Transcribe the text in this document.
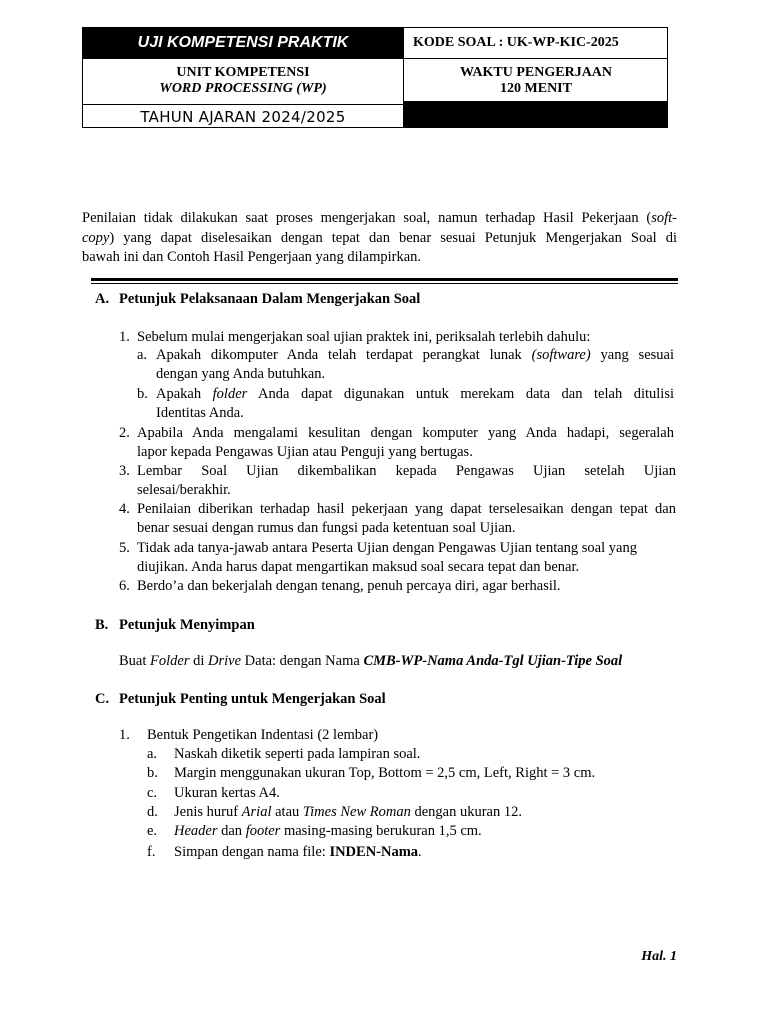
UJI KOMPETENSI PRAKTIK	KODE SOAL : UK-WP-KIC-2025
UNIT KOMPETENSI
WORD PROCESSING (WP)
WAKTU PENGERJAAN
120 MENIT
TAHUN AJARAN 2024/2025
Penilaian tidak dilakukan saat proses mengerjakan soal, namun terhadap Hasil Pekerjaan (soft-
copy) yang dapat diselesaikan dengan tepat dan benar sesuai Petunjuk Mengerjakan Soal di
bawah ini dan Contoh Hasil Pengerjaan yang dilampirkan.
A. Petunjuk Pelaksanaan Dalam Mengerjakan Soal
1. Sebelum mulai mengerjakan soal ujian praktek ini, periksalah terlebih dahulu:
a. Apakah dikomputer Anda telah terdapat perangkat lunak (software) yang sesuai
dengan yang Anda butuhkan.
b. Apakah folder Anda dapat digunakan untuk merekam data dan telah ditulisi
Identitas Anda.
2. Apabila Anda mengalami kesulitan dengan komputer yang Anda hadapi, segeralah
lapor kepada Pengawas Ujian atau Penguji yang bertugas.
3. Lembar Soal Ujian dikembalikan kepada Pengawas Ujian setelah Ujian
selesai/berakhir.
4. Penilaian diberikan terhadap hasil pekerjaan yang dapat terselesaikan dengan tepat dan
benar sesuai dengan rumus dan fungsi pada ketentuan soal Ujian.
5. Tidak ada tanya-jawab antara Peserta Ujian dengan Pengawas Ujian tentang soal yang
diujikan. Anda harus dapat mengartikan maksud soal secara tepat dan benar.
6. Berdo’a dan bekerjalah dengan tenang, penuh percaya diri, agar berhasil.
B. Petunjuk Menyimpan
Buat Folder di Drive Data: dengan Nama CMB-WP-Nama Anda-Tgl Ujian-Tipe Soal
C. Petunjuk Penting untuk Mengerjakan Soal
1. Bentuk Pengetikan Indentasi (2 lembar)
a. Naskah diketik seperti pada lampiran soal.
b. Margin menggunakan ukuran Top, Bottom = 2,5 cm, Left, Right = 3 cm.
c. Ukuran kertas A4.
d. Jenis huruf Arial atau Times New Roman dengan ukuran 12.
e. Header dan footer masing-masing berukuran 1,5 cm.
f. Simpan dengan nama file: INDEN-Nama.
Hal. 1
